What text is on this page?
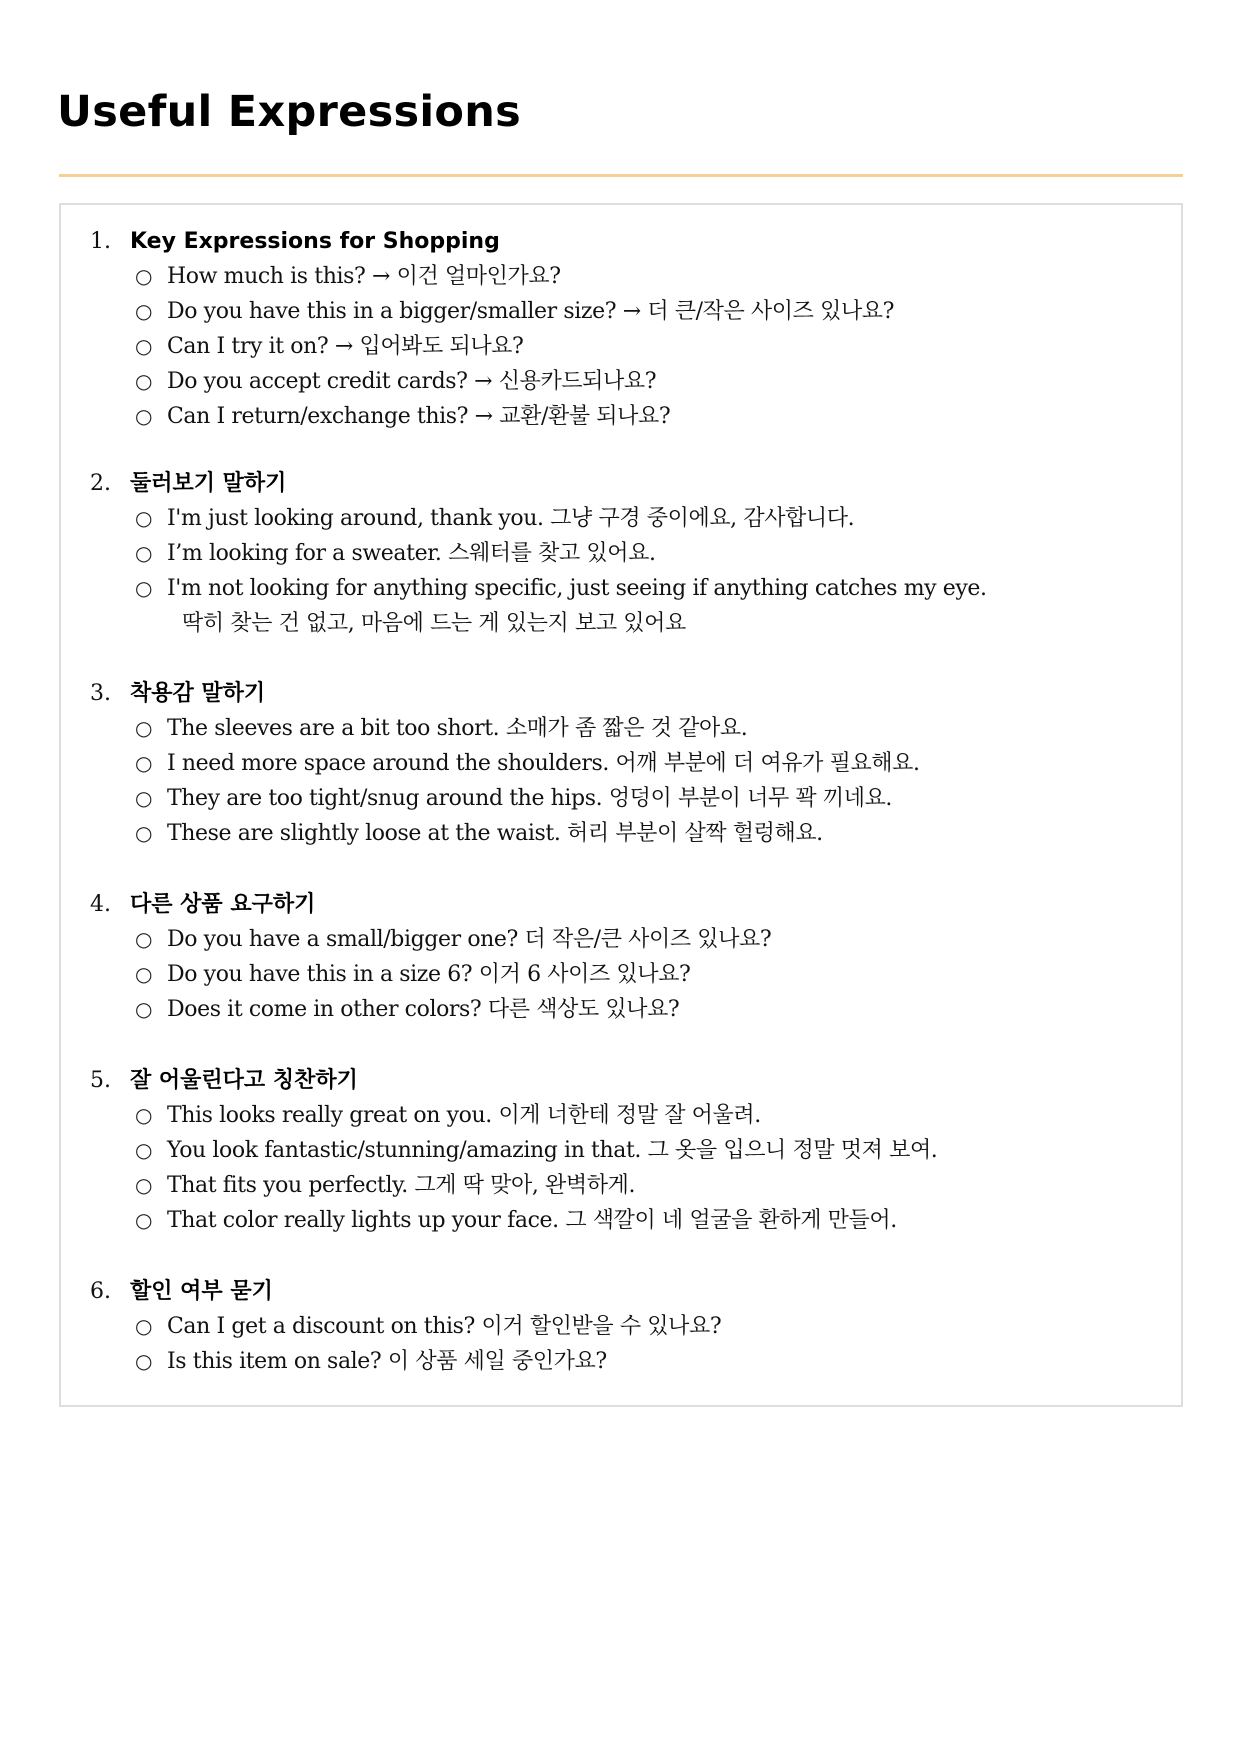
Useful Expressions
1. Key Expressions for Shopping
○ How much is this? → 이건 얼마인가요?
○ Do you have this in a bigger/smaller size? → 더 큰/작은 사이즈 있나요?
○ Can I try it on? → 입어봐도 되나요?
○ Do you accept credit cards? → 신용카드되나요?
○ Can I return/exchange this? → 교환/환불 되나요?
2. 둘러보기 말하기
○ I'm just looking around, thank you. 그냥 구경 중이에요, 감사합니다.
○ I’m looking for a sweater. 스웨터를 찾고 있어요.
○ I'm not looking for anything specific, just seeing if anything catches my eye.
딱히 찾는 건 없고, 마음에 드는 게 있는지 보고 있어요
3. 착용감 말하기
○ The sleeves are a bit too short. 소매가 좀 짧은 것 같아요.
○ I need more space around the shoulders. 어깨 부분에 더 여유가 필요해요.
○ They are too tight/snug around the hips. 엉덩이 부분이 너무 꽉 끼네요.
○ These are slightly loose at the waist. 허리 부분이 살짝 헐렁해요.
4. 다른 상품 요구하기
○ Do you have a small/bigger one? 더 작은/큰 사이즈 있나요?
○ Do you have this in a size 6? 이거 6 사이즈 있나요?
○ Does it come in other colors? 다른 색상도 있나요?
5. 잘 어울린다고 칭찬하기
○ This looks really great on you. 이게 너한테 정말 잘 어울려.
○ You look fantastic/stunning/amazing in that. 그 옷을 입으니 정말 멋져 보여.
○ That fits you perfectly. 그게 딱 맞아, 완벽하게.
○ That color really lights up your face. 그 색깔이 네 얼굴을 환하게 만들어.
6. 할인 여부 묻기
○ Can I get a discount on this? 이거 할인받을 수 있나요?
○ Is this item on sale? 이 상품 세일 중인가요?
